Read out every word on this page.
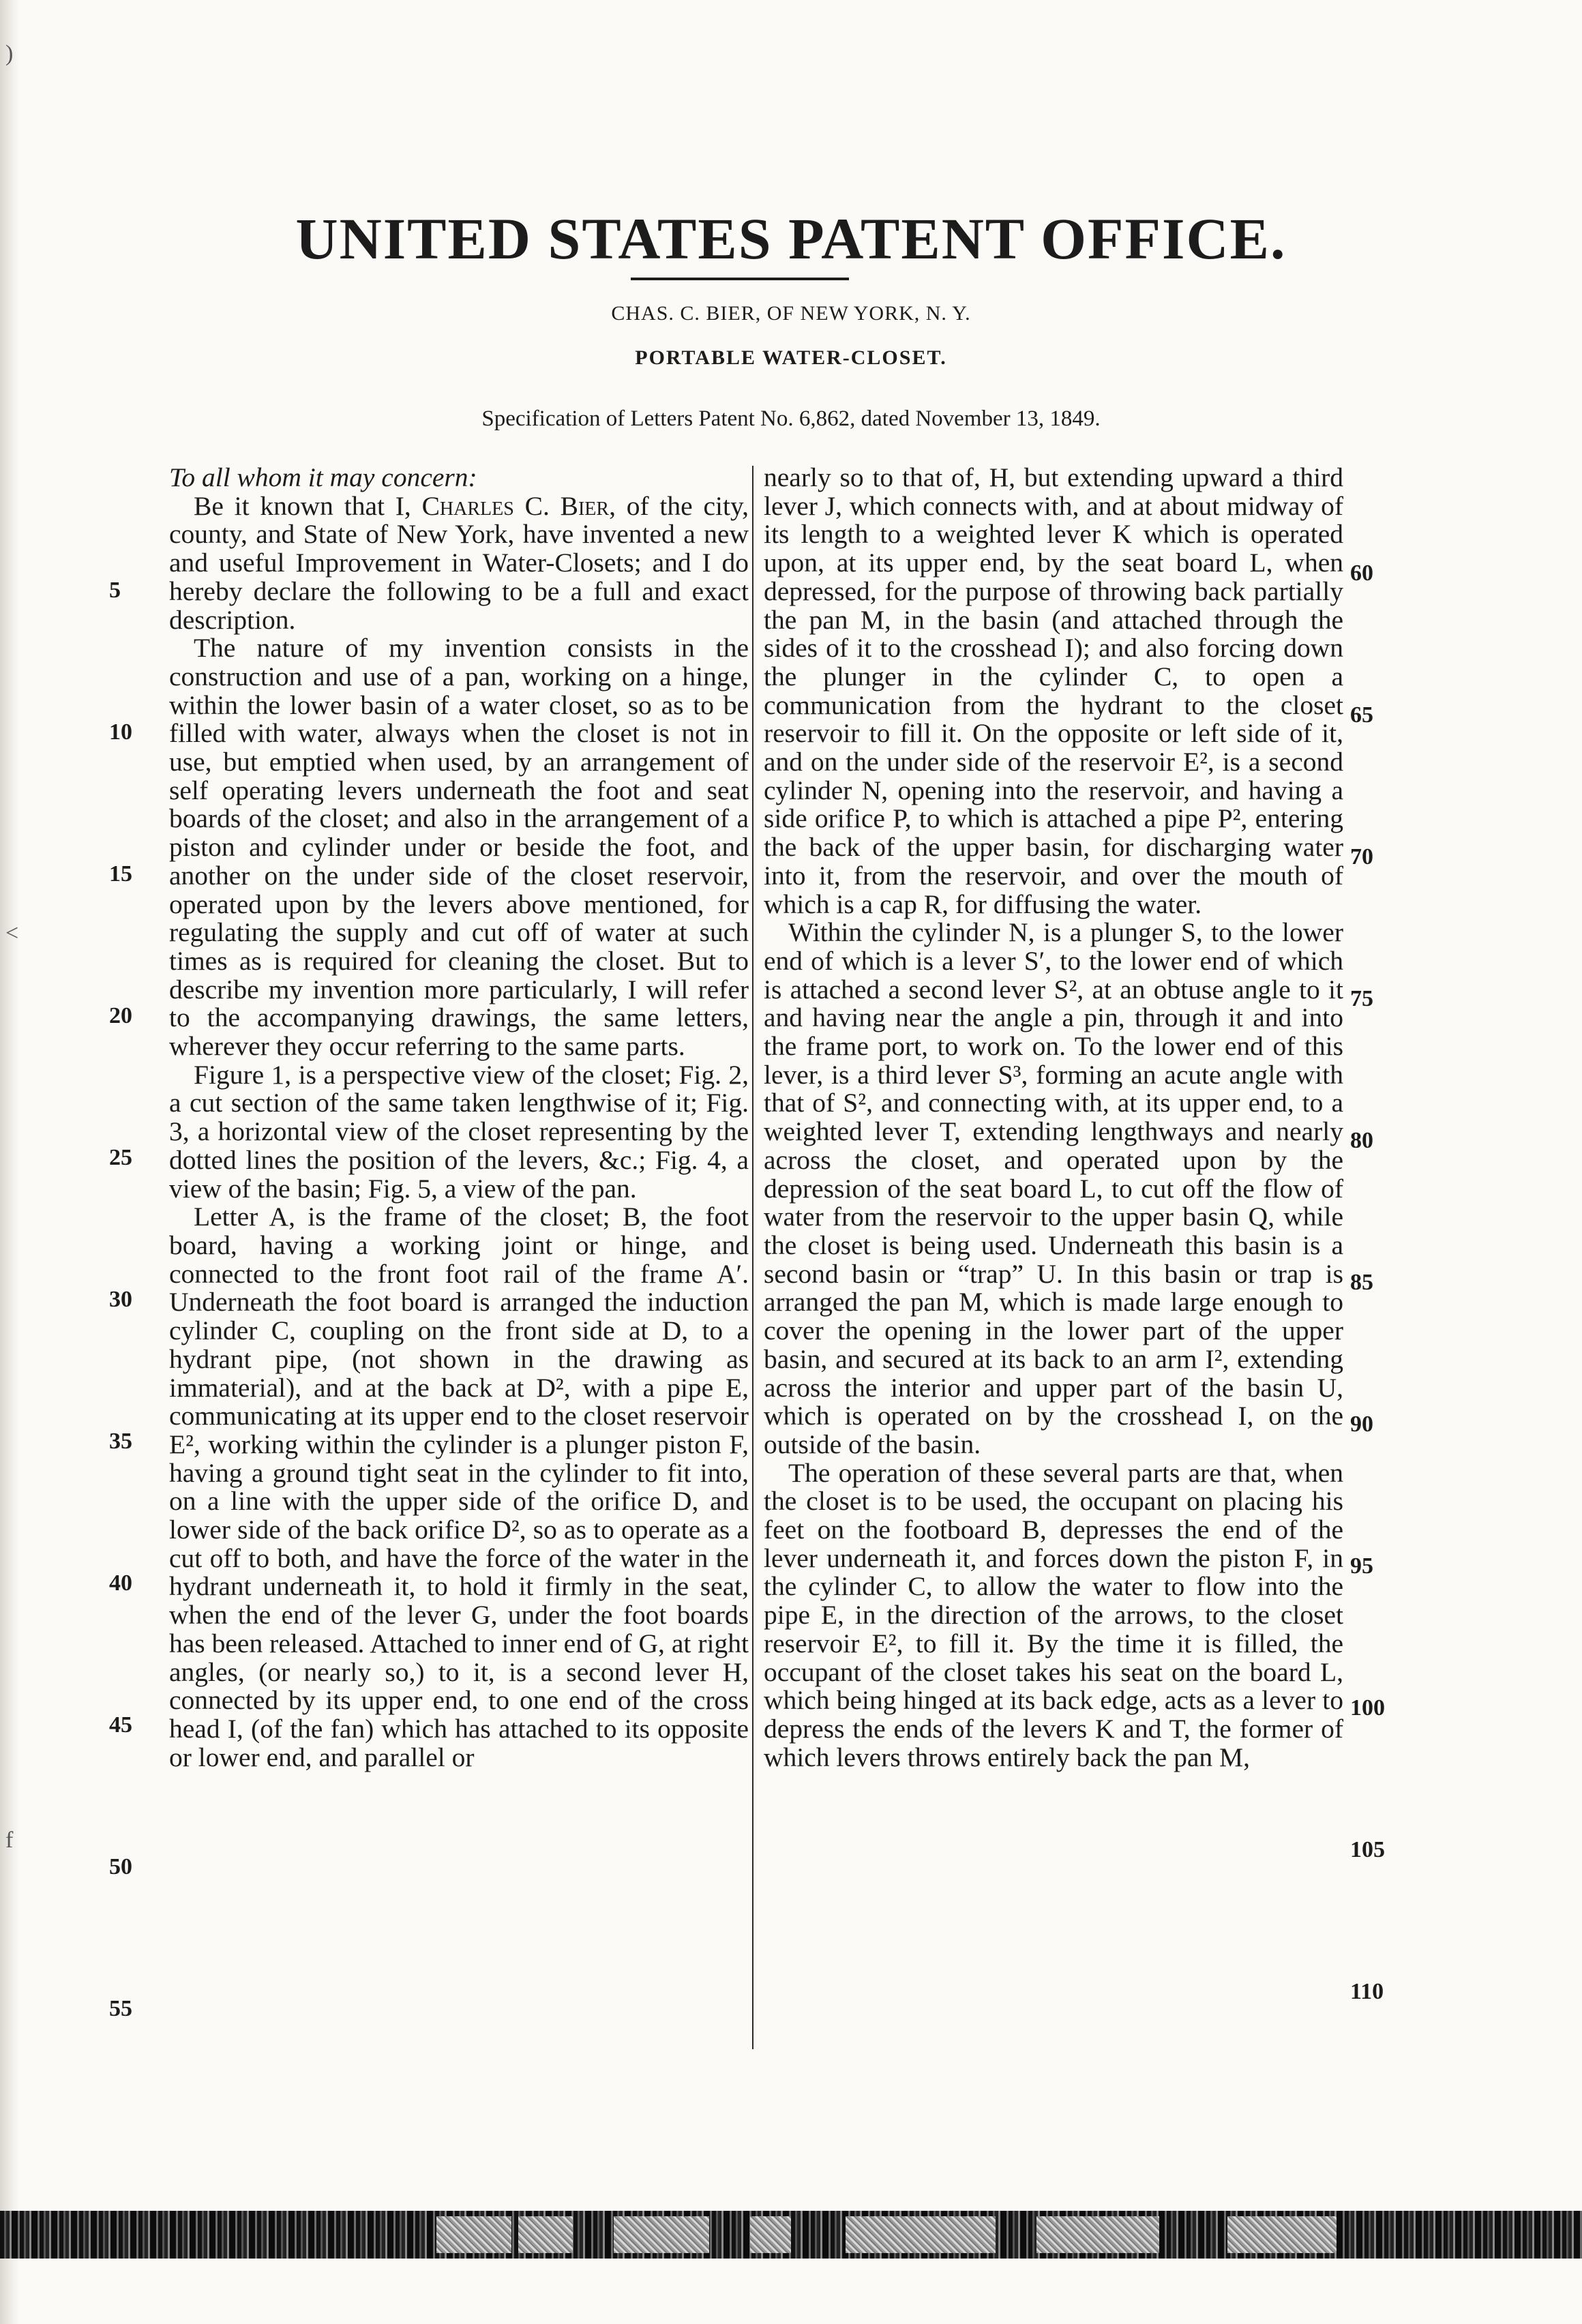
)
<
f
UNITED STATES PATENT OFFICE.
CHAS. C. BIER, OF NEW YORK, N. Y.
PORTABLE WATER-CLOSET.
Specification of Letters Patent No. 6,862, dated November 13, 1849.

To all whom it may concern:

Be it known that I, Charles C. Bier, of the city, county, and State of New York, have invented a new and useful Improvement in Water-Closets; and I do hereby declare the following to be a full and exact description.

The nature of my invention consists in the construction and use of a pan, working on a hinge, within the lower basin of a water closet, so as to be filled with water, always when the closet is not in use, but emptied when used, by an arrangement of self operating levers underneath the foot and seat boards of the closet; and also in the arrangement of a piston and cylinder under or beside the foot, and another on the under side of the closet reservoir, operated upon by the levers above mentioned, for regulating the supply and cut off of water at such times as is required for cleaning the closet. But to describe my invention more particularly, I will refer to the accompanying drawings, the same letters, wherever they occur referring to the same parts.

Figure 1, is a perspective view of the closet; Fig. 2, a cut section of the same taken lengthwise of it; Fig. 3, a horizontal view of the closet representing by the dotted lines the position of the levers, &c.; Fig. 4, a view of the basin; Fig. 5, a view of the pan.

Letter A, is the frame of the closet; B, the foot board, having a working joint or hinge, and connected to the front foot rail of the frame A′. Underneath the foot board is arranged the induction cylinder C, coupling on the front side at D, to a hydrant pipe, (not shown in the drawing as immaterial), and at the back at D², with a pipe E, communicating at its upper end to the closet reservoir E², working within the cylinder is a plunger piston F, having a ground tight seat in the cylinder to fit into, on a line with the upper side of the orifice D, and lower side of the back orifice D², so as to operate as a cut off to both, and have the force of the water in the hydrant underneath it, to hold it firmly in the seat, when the end of the lever G, under the foot boards has been released. Attached to inner end of G, at right angles, (or nearly so,) to it, is a second lever H, connected by its upper end, to one end of the cross head I, (of the fan) which has attached to its opposite or lower end, and parallel or

nearly so to that of, H, but extending upward a third lever J, which connects with, and at about midway of its length to a weighted lever K which is operated upon, at its upper end, by the seat board L, when depressed, for the purpose of throwing back partially the pan M, in the basin (and attached through the sides of it to the crosshead I); and also forcing down the plunger in the cylinder C, to open a communication from the hydrant to the closet reservoir to fill it. On the opposite or left side of it, and on the under side of the reservoir E², is a second cylinder N, opening into the reservoir, and having a side orifice P, to which is attached a pipe P², entering the back of the upper basin, for discharging water into it, from the reservoir, and over the mouth of which is a cap R, for diffusing the water.

Within the cylinder N, is a plunger S, to the lower end of which is a lever S′, to the lower end of which is attached a second lever S², at an obtuse angle to it and having near the angle a pin, through it and into the frame port, to work on. To the lower end of this lever, is a third lever S³, forming an acute angle with that of S², and connecting with, at its upper end, to a weighted lever T, extending lengthways and nearly across the closet, and operated upon by the depression of the seat board L, to cut off the flow of water from the reservoir to the upper basin Q, while the closet is being used. Underneath this basin is a second basin or “trap” U. In this basin or trap is arranged the pan M, which is made large enough to cover the opening in the lower part of the upper basin, and secured at its back to an arm I², extending across the interior and upper part of the basin U, which is operated on by the crosshead I, on the outside of the basin.

The operation of these several parts are that, when the closet is to be used, the occupant on placing his feet on the footboard B, depresses the end of the lever underneath it, and forces down the piston F, in the cylinder C, to allow the water to flow into the pipe E, in the direction of the arrows, to the closet reservoir E², to fill it. By the time it is filled, the occupant of the closet takes his seat on the board L, which being hinged at its back edge, acts as a lever to depress the ends of the levers K and T, the former of which levers throws entirely back the pan M,

5
10
15
20
25
30
35
40
45
50
55
60
65
70
75
80
85
90
95
100
105
110
